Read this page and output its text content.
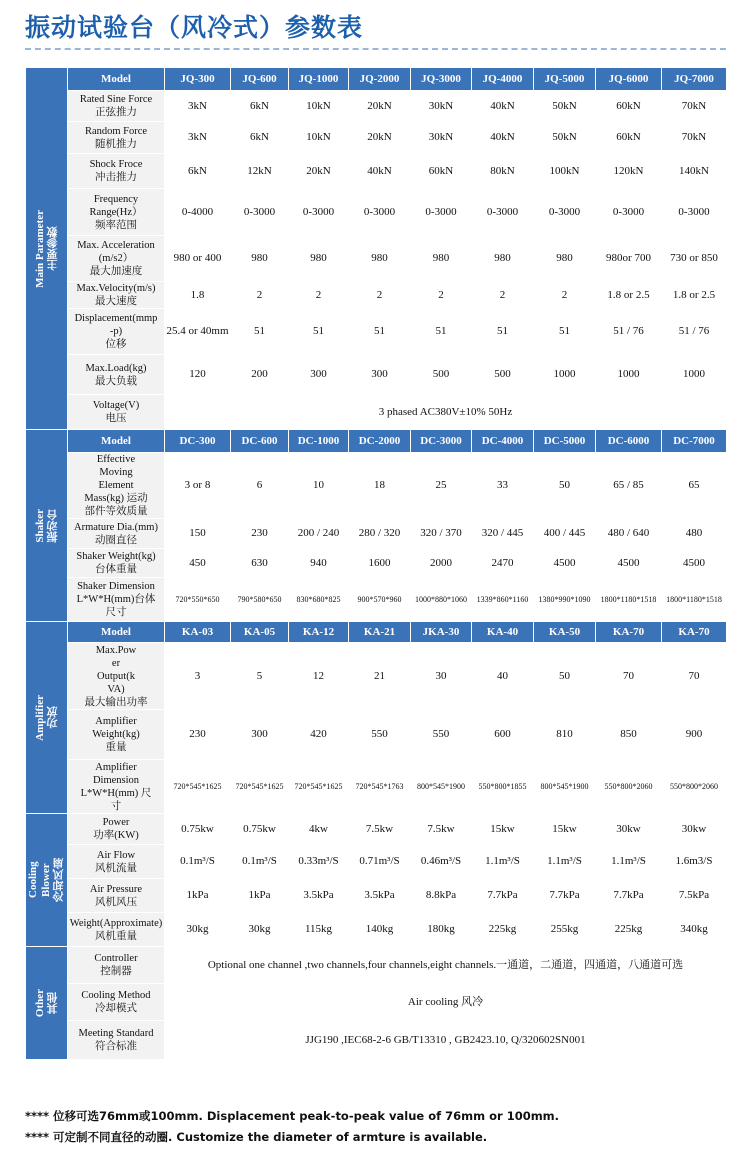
振动试验台（风冷式）参数表
Main Parameter
主要参数	Model	JQ-300	JQ-600	JQ-1000	JQ-2000	JQ-3000	JQ-4000	JQ-5000	JQ-6000	JQ-7000
	Rated Sine Force
正弦推力	3kN	6kN	10kN	20kN	30kN	40kN	50kN	60kN	70kN
	Random Force
随机推力	3kN	6kN	10kN	20kN	30kN	40kN	50kN	60kN	70kN
	Shock Froce
冲击推力	6kN	12kN	20kN	40kN	60kN	80kN	100kN	120kN	140kN
	Frequency
Range(Hz）
频率范围	0-4000	0-3000	0-3000	0-3000	0-3000	0-3000	0-3000	0-3000	0-3000
	Max. Acceleration
(m/s2）
最大加速度	980 or 400	980	980	980	980	980	980	980or 700	730 or 850
	Max.Velocity(m/s)
最大速度	1.8	2	2	2	2	2	2	1.8 or 2.5	1.8 or 2.5
	Displacement(mmp
-p)
位移	25.4 or 40mm	51	51	51	51	51	51	51 / 76	51 / 76
	Max.Load(kg)
最大负载	120	200	300	300	500	500	1000	1000	1000
	Voltage(V)
电压	3 phased AC380V±10% 50Hz								

Shaker
振动台	Model	DC-300	DC-600	DC-1000	DC-2000	DC-3000	DC-4000	DC-5000	DC-6000	DC-7000
	Effective
Moving
Element
Mass(kg) 运动
部件等效质量	3 or 8	6	10	18	25	33	50	65 / 85	65
	Armature Dia.(mm)
动圈直径	150	230	200 / 240	280 / 320	320 / 370	320 / 445	400 / 445	480 / 640	480
	Shaker Weight(kg)
台体重量	450	630	940	1600	2000	2470	4500	4500	4500
	Shaker Dimension
L*W*H(mm)台体
尺寸	720*550*650	790*580*650	830*680*825	900*570*960	1000*880*1060	1339*860*1160	1380*990*1090	1800*1180*1518	1800*1180*1518

Amplifier
功放	Model	KA-03	KA-05	KA-12	KA-21	JKA-30	KA-40	KA-50	KA-70	KA-70
	Max.Pow
er
Output(k
VA)
最大输出功率	3	5	12	21	30	40	50	70	70
	Amplifier
Weight(kg)
重量	230	300	420	550	550	600	810	850	900
	Amplifier
Dimension
L*W*H(mm) 尺
寸	720*545*1625	720*545*1625	720*545*1625	720*545*1763	800*545*1900	550*800*1855	800*545*1900	550*800*2060	550*800*2060

Cooling
Blower
冷却风扇	Power
功率(KW)	0.75kw	0.75kw	4kw	7.5kw	7.5kw	15kw	15kw	30kw	30kw
	Air Flow
风机流量	0.1m³/S	0.1m³/S	0.33m³/S	0.71m³/S	0.46m³/S	1.1m³/S	1.1m³/S	1.1m³/S	1.6m3/S
	Air Pressure
风机风压	1kPa	1kPa	3.5kPa	3.5kPa	8.8kPa	7.7kPa	7.7kPa	7.7kPa	7.5kPa
	Weight(Approximate)
风机重量	30kg	30kg	115kg	140kg	180kg	225kg	255kg	225kg	340kg

Other
其他	Controller
控制器	Optional one channel ,two channels,four channels,eight channels.一通道，二通道，四通道，八通道可选								
	Cooling Method
冷却模式	Air cooling 风冷								
	Meeting Standard
符合标准	JJG190 ,IEC68-2-6 GB/T13310 , GB2423.10, Q/320602SN001								
**** 位移可选76mm或100mm. Displacement peak-to-peak value of 76mm or 100mm.
**** 可定制不同直径的动圈. Customize the diameter of armture is available.
